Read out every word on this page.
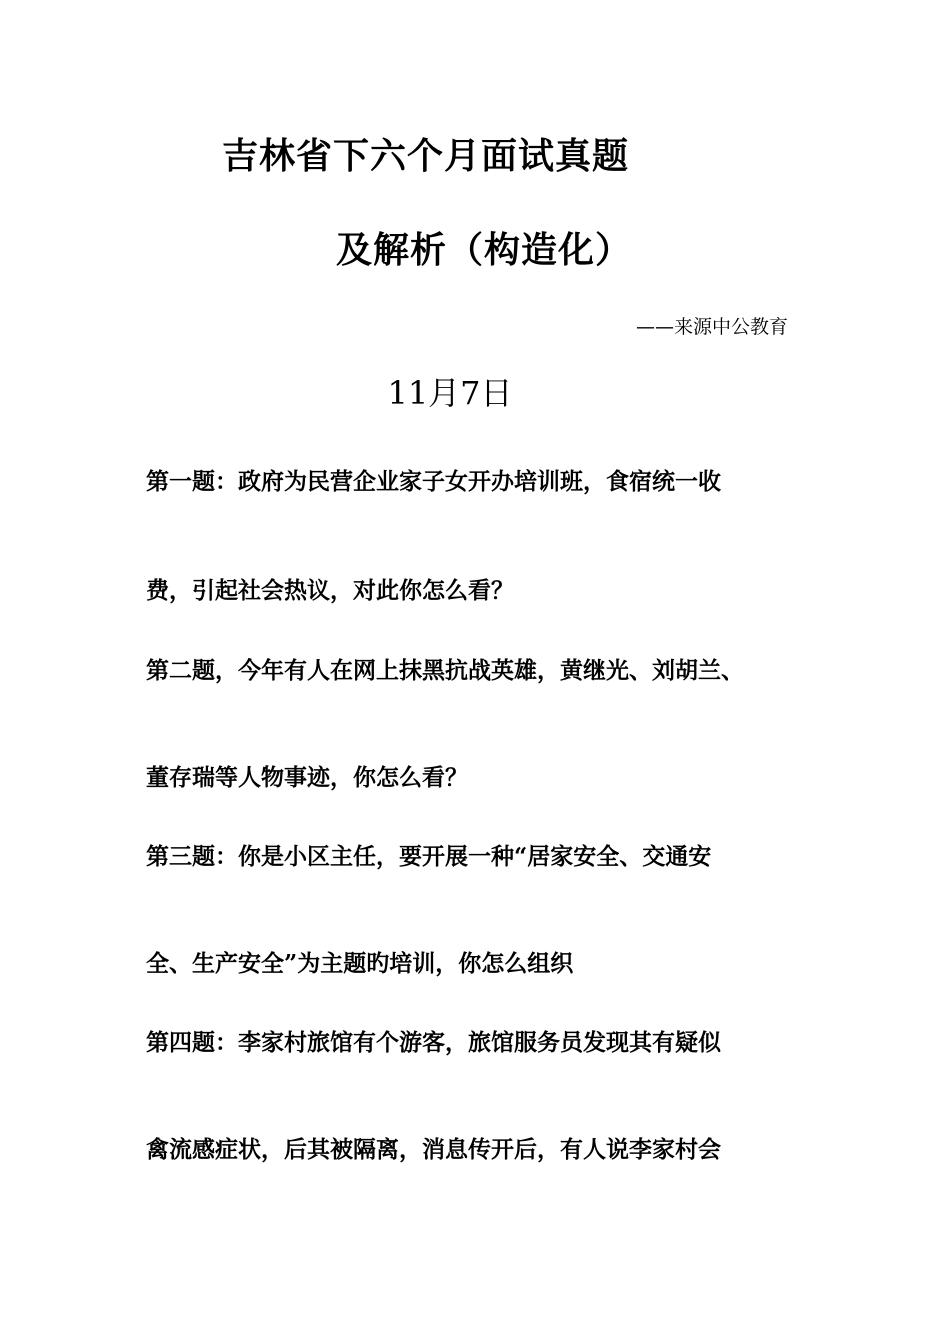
吉林省下六个月面试真题
及解析（构造化）
——来源中公教育
11月7日
第一题：政府为民营企业家子女开办培训班，食宿统一收
费，引起社会热议，对此你怎么看？
第二题，今年有人在网上抹黑抗战英雄，黄继光、刘胡兰、
董存瑞等人物事迹，你怎么看？
第三题：你是小区主任，要开展一种“居家安全、交通安
全、生产安全”为主题旳培训，你怎么组织
第四题：李家村旅馆有个游客，旅馆服务员发现其有疑似
禽流感症状，后其被隔离，消息传开后，有人说李家村会
